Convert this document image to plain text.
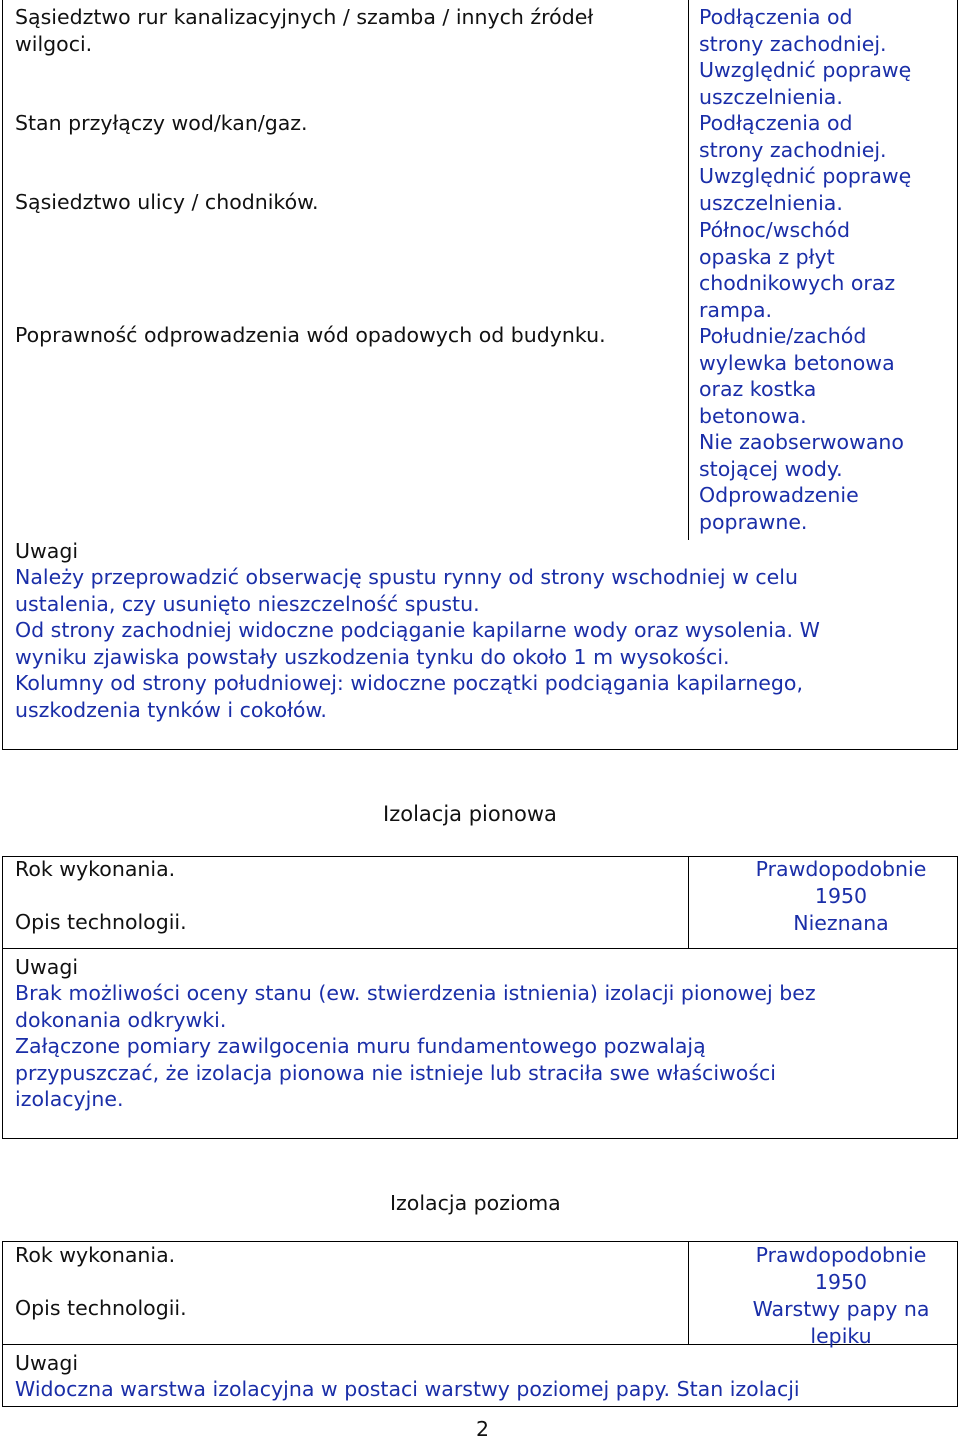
Sąsiedztwo rur kanalizacyjnych / szamba / innych źródeł
wilgoci.
Stan przyłączy wod/kan/gaz.
Sąsiedztwo ulicy / chodników.
Poprawność odprowadzenia wód opadowych od budynku.
Podłączenia od
strony zachodniej.
Uwzględnić poprawę
uszczelnienia.
Podłączenia od
strony zachodniej.
Uwzględnić poprawę
uszczelnienia.
Północ/wschód
opaska z płyt
chodnikowych oraz
rampa.
Południe/zachód
wylewka betonowa
oraz kostka
betonowa.
Nie zaobserwowano
stojącej wody.
Odprowadzenie
poprawne.
Uwagi
Należy przeprowadzić obserwację spustu rynny od strony wschodniej w celu
ustalenia, czy usunięto nieszczelność spustu.
Od strony zachodniej widoczne podciąganie kapilarne wody oraz wysolenia. W
wyniku zjawiska powstały uszkodzenia tynku do około 1 m wysokości.
Kolumny od strony południowej: widoczne początki podciągania kapilarnego,
uszkodzenia tynków i cokołów.
Izolacja pionowa
Rok wykonania.
Opis technologii.
Prawdopodobnie
1950
Nieznana
Uwagi
Brak możliwości oceny stanu (ew. stwierdzenia istnienia) izolacji pionowej bez
dokonania odkrywki.
Załączone pomiary zawilgocenia muru fundamentowego pozwalają
przypuszczać, że izolacja pionowa nie istnieje lub straciła swe właściwości
izolacyjne.
Izolacja pozioma
Rok wykonania.
Opis technologii.
Prawdopodobnie
1950
Warstwy papy na
lepiku
Uwagi
Widoczna warstwa izolacyjna w postaci warstwy poziomej papy. Stan izolacji
2
